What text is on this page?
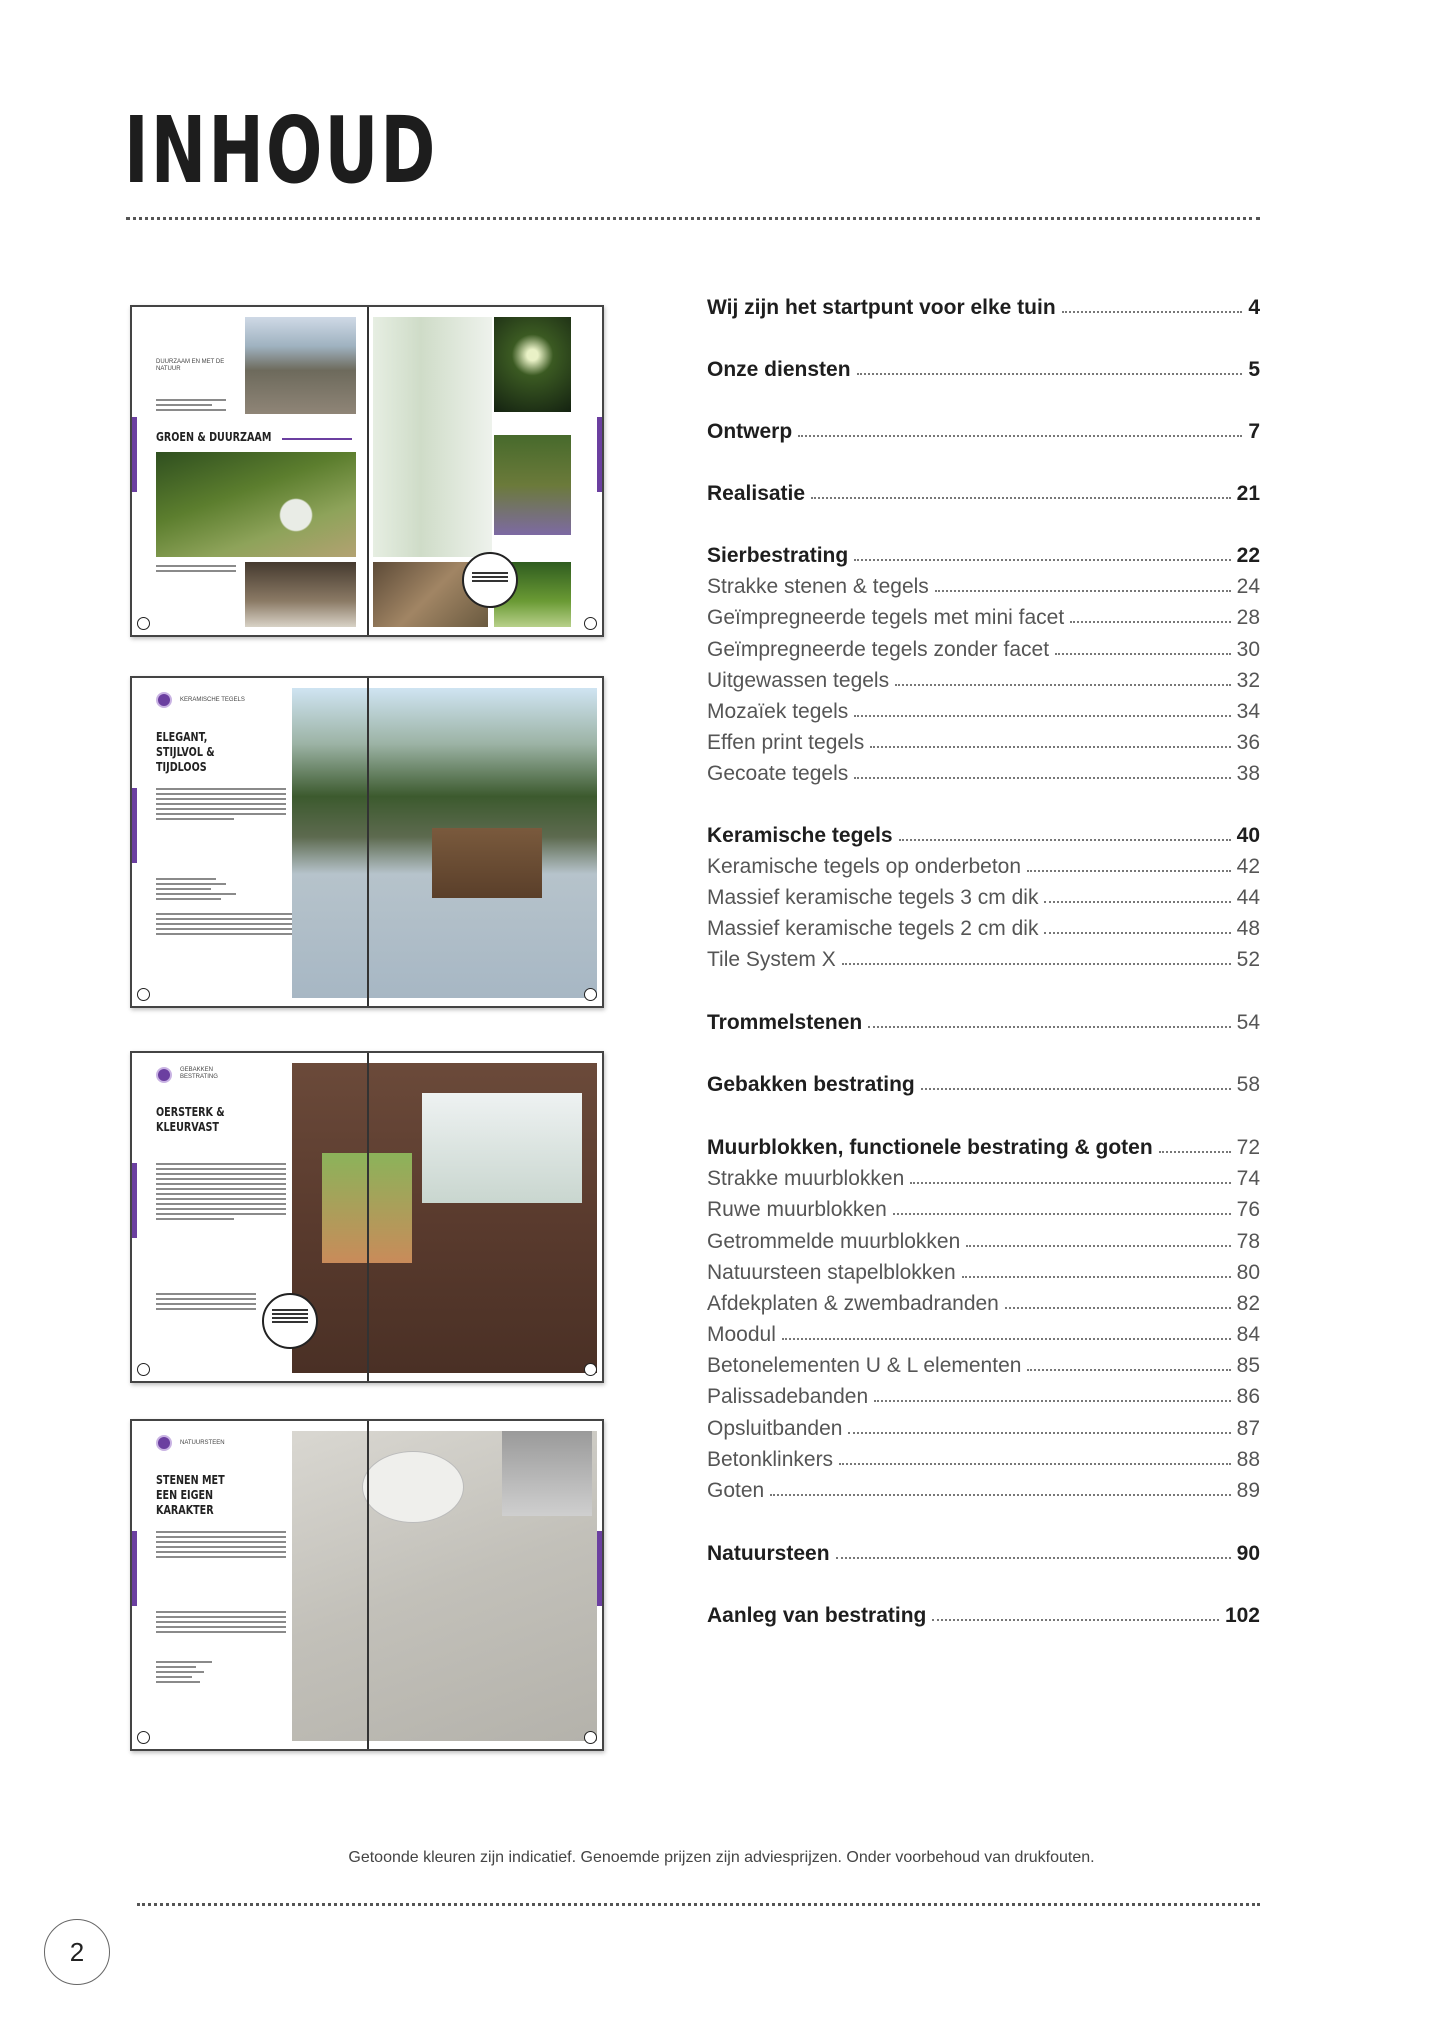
INHOUD
DUURZAAM EN MET DE NATUUR
GROEN & DUURZAAM
KERAMISCHE TEGELS
ELEGANT, STIJLVOL & TIJDLOOS
GEBAKKEN BESTRATING
OERSTERK & KLEURVAST
NATUURSTEEN
STENEN MET EEN EIGEN KARAKTER
Wij zijn het startpunt voor elke tuin	4
Onze diensten	5
Ontwerp	7
Realisatie	21
Sierbestrating	22
Strakke stenen & tegels	24
Geïmpregneerde tegels met mini facet	28
Geïmpregneerde tegels zonder facet	30
Uitgewassen tegels	32
Mozaïek tegels	34
Effen print tegels	36
Gecoate tegels	38
Keramische tegels	40
Keramische tegels op onderbeton	42
Massief keramische tegels 3 cm dik	44
Massief keramische tegels 2 cm dik	48
Tile System X	52
Trommelstenen	54
Gebakken bestrating	58
Muurblokken, functionele bestrating & goten	72
Strakke muurblokken	74
Ruwe muurblokken	76
Getrommelde muurblokken	78
Natuursteen stapelblokken	80
Afdekplaten & zwembadranden	82
Moodul	84
Betonelementen U & L elementen	85
Palissadebanden	86
Opsluitbanden	87
Betonklinkers	88
Goten	89
Natuursteen	90
Aanleg van bestrating	102
Getoonde kleuren zijn indicatief. Genoemde prijzen zijn adviesprijzen. Onder voorbehoud van drukfouten.
2
